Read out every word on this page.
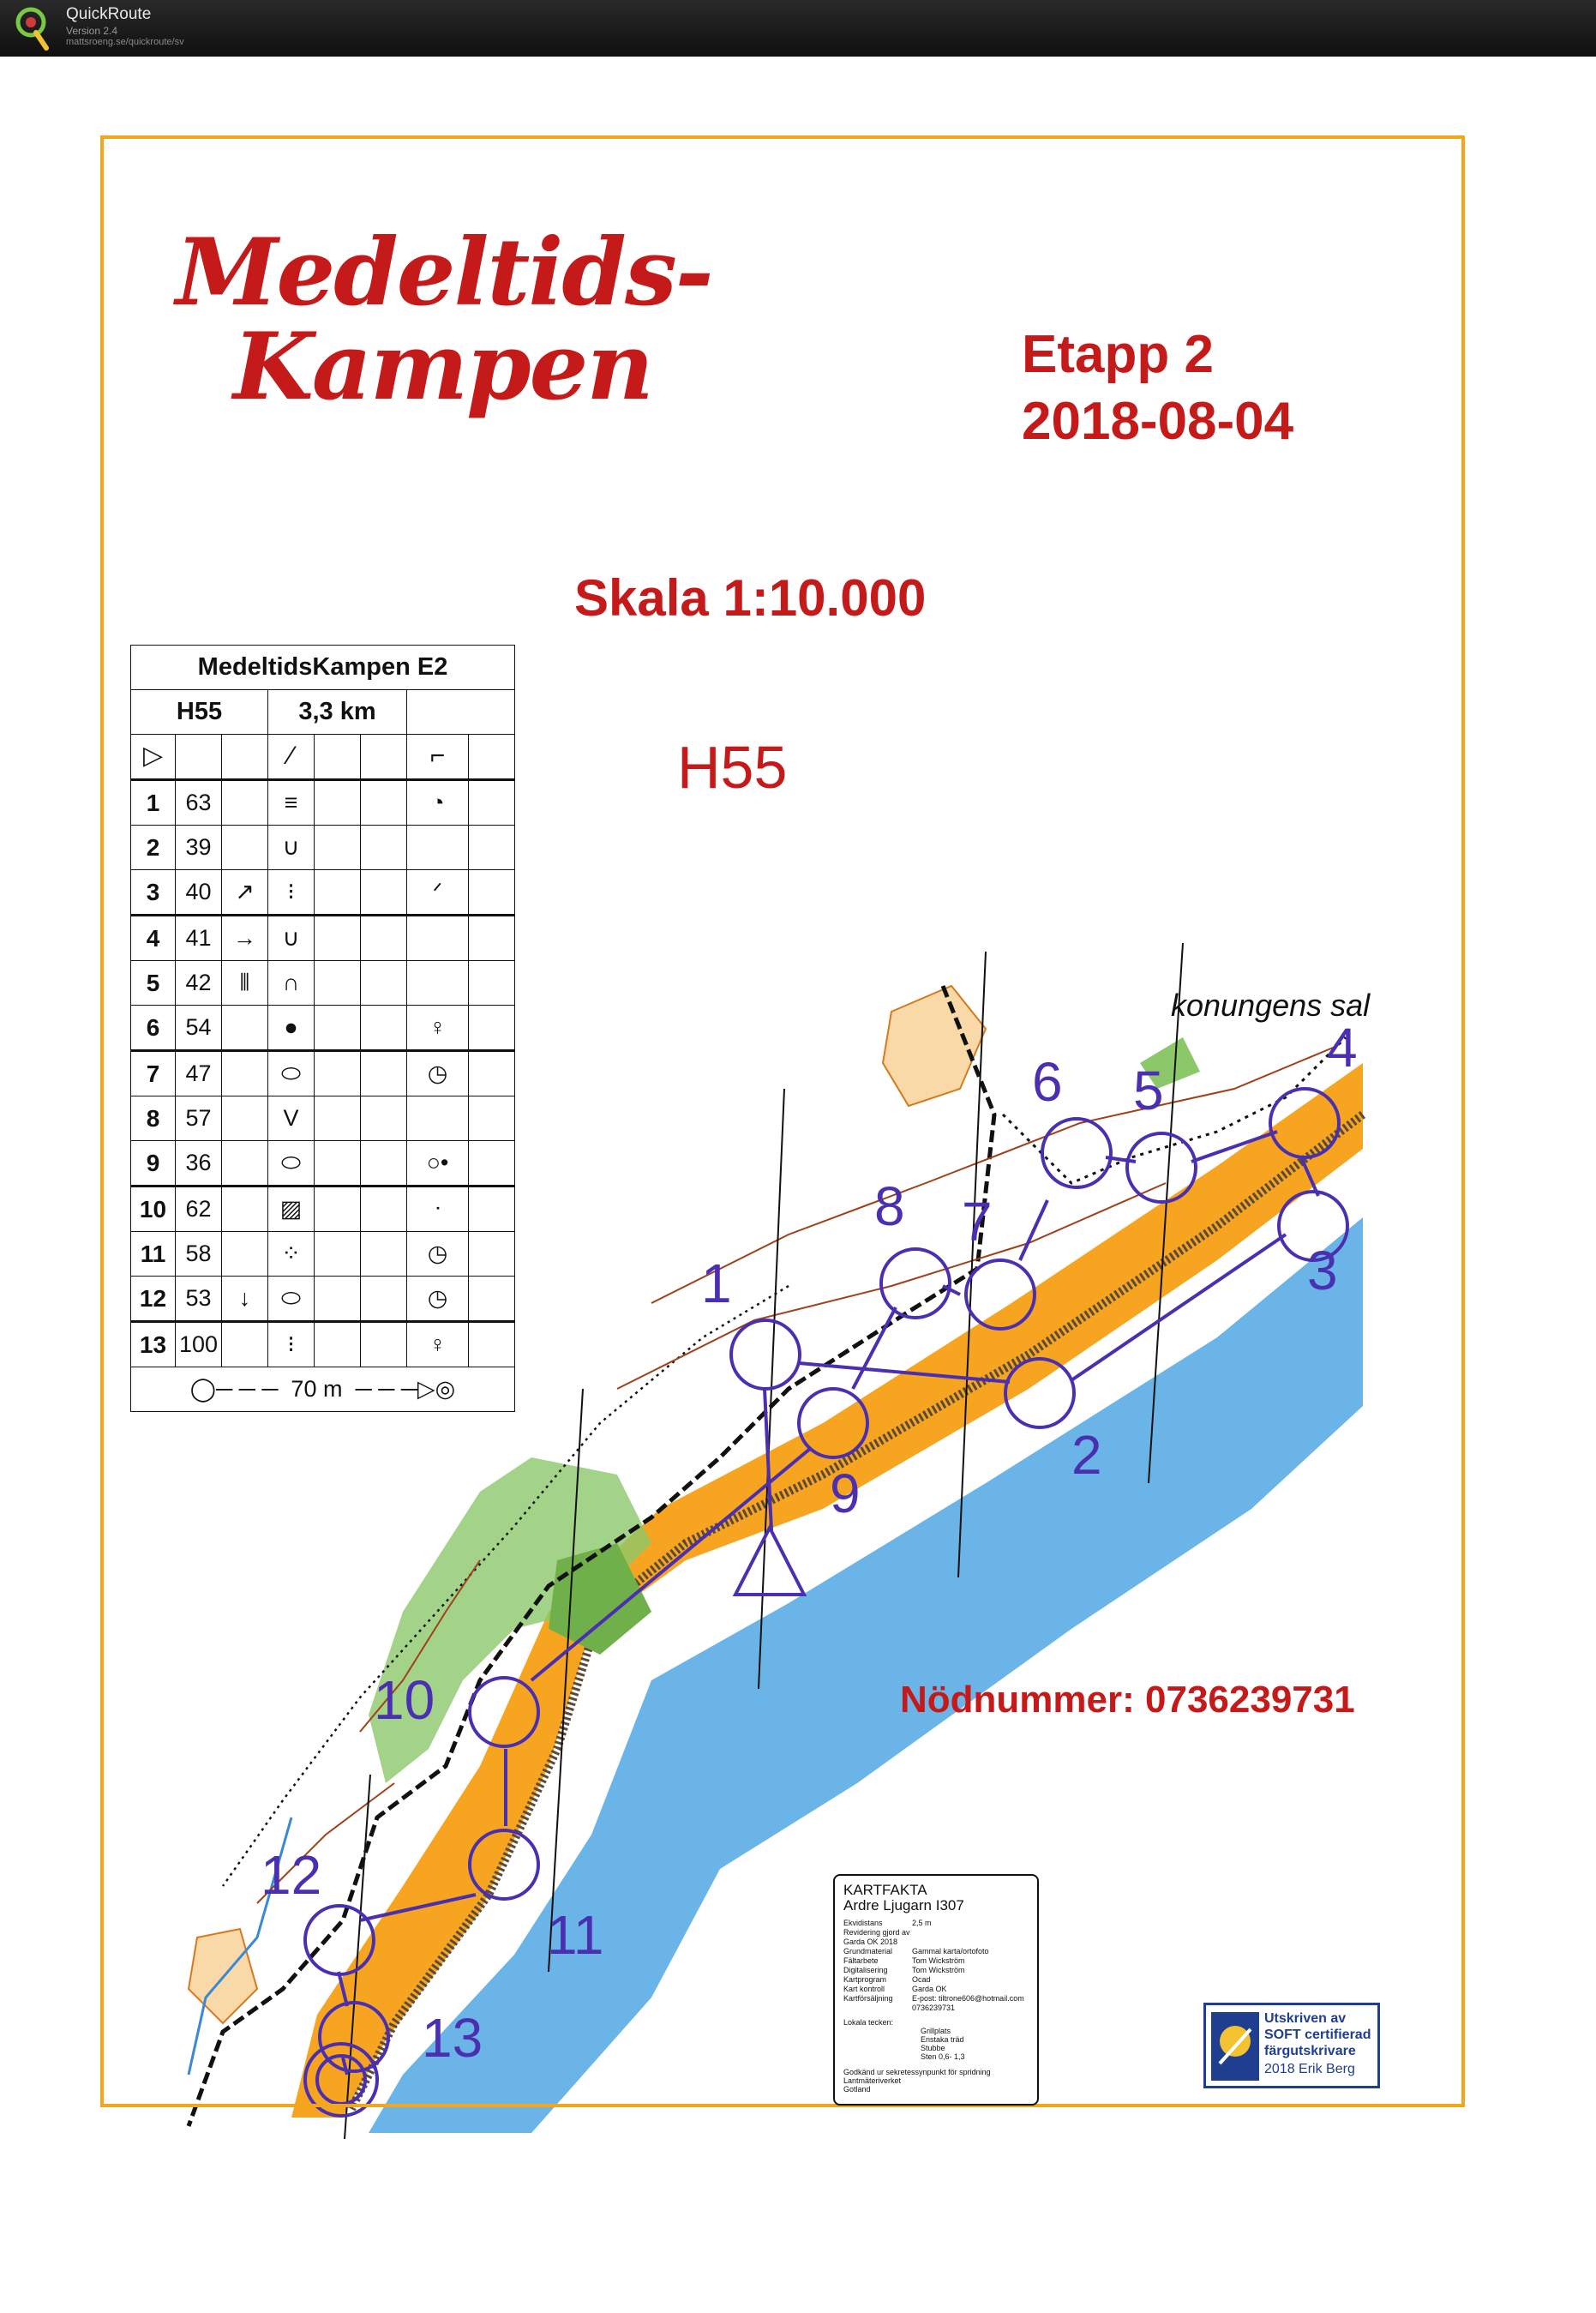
QuickRoute
Version 2.4
mattsroeng.se/quickroute/sv
Medeltids-
Kampen	Etapp 2
2018-08-04
Skala 1:10.000
H55
Nödnummer: 0736239731
konungens sal
1
2
3
4
5
6
7
8
9
10
11
12
13
MedeltidsKampen E2							
H55			3,3 km				
▷			⁄			⌐	
1	63		≡			◔	
2	39		∪				
3	40	↗	⁝			ᐟ	
4	41	→	∪				
5	42	⦀	∩				
6	54		●			♀	
7	47		⬭			◷	
8	57		V				
9	36		⬭			○•	
10	62		▨			ᐧ	
11	58		⁘			◷	
12	53	↓	⬭			◷	
13	100		⁝			♀	
◯─ ─ ─ 70 m ─ ─ ─▷◎							
KARTFAKTA
Ardre Ljugarn I307
Ekvidistans	2,5 m
Revidering gjord av Garda OK 2018
Grundmaterial	Gammal karta/ortofoto
Fältarbete	Tom Wickström
Digitalisering	Tom Wickström
Kartprogram	Ocad
Kart kontroll	Garda OK
Kartförsäljning	E-post: tiltrone606@hotmail.com
0736239731
Lokala tecken:
Grillplats
Enstaka träd
Stubbe
Sten 0,6- 1,3
Godkänd ur sekretessynpunkt för spridning
Lantmäteriverket
Gotland
Utskriven av
SOFT certifierad
färgutskrivare
2018 Erik Berg
